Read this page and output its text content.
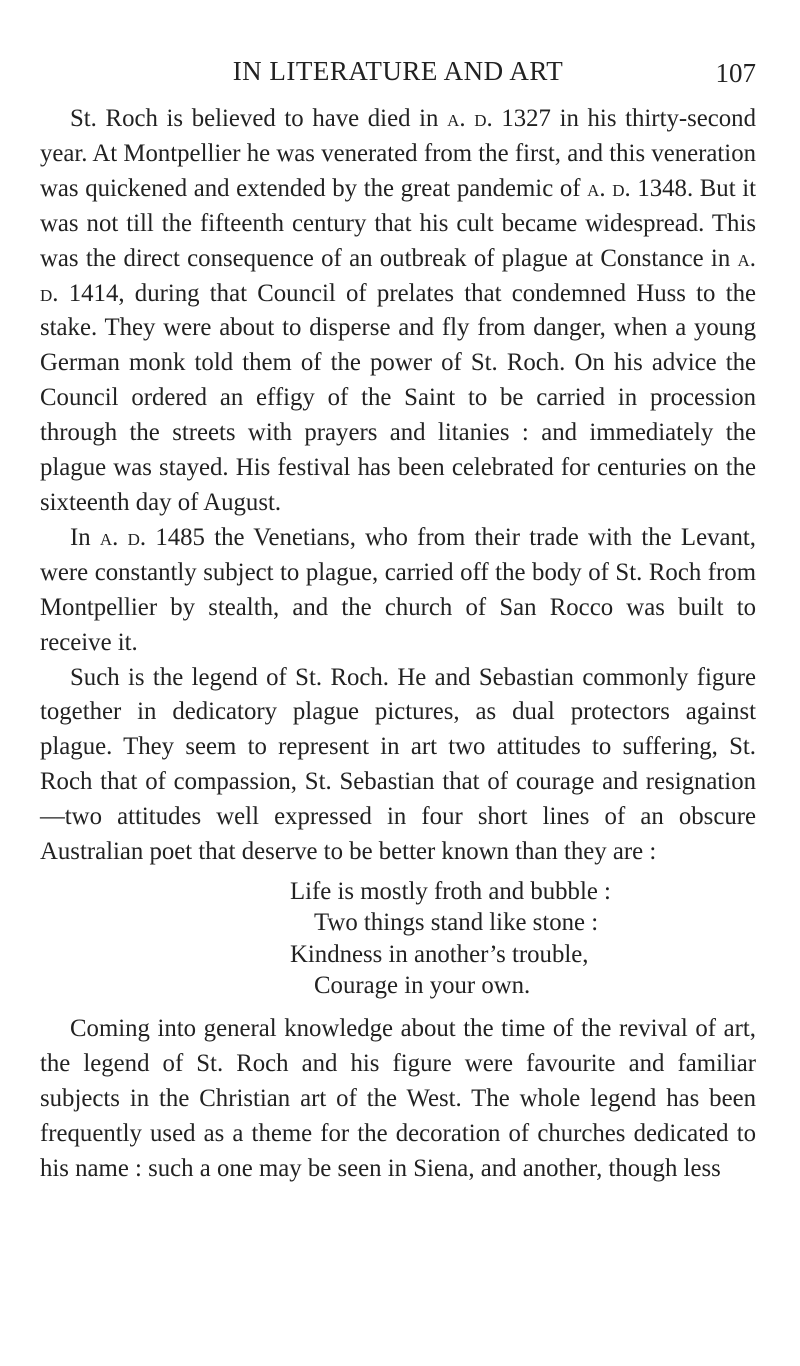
IN LITERATURE AND ART	107

St. Roch is believed to have died in a. d. 1327 in his thirty-second year. At Montpellier he was venerated from the first, and this veneration was quickened and extended by the great pandemic of a. d. 1348. But it was not till the fifteenth century that his cult became widespread. This was the direct consequence of an outbreak of plague at Constance in a. d. 1414, during that Council of prelates that condemned Huss to the stake. They were about to disperse and fly from danger, when a young German monk told them of the power of St. Roch. On his advice the Council ordered an effigy of the Saint to be carried in procession through the streets with prayers and litanies : and immediately the plague was stayed. His festival has been celebrated for centuries on the sixteenth day of August.

In a. d. 1485 the Venetians, who from their trade with the Levant, were constantly subject to plague, carried off the body of St. Roch from Montpellier by stealth, and the church of San Rocco was built to receive it.

Such is the legend of St. Roch. He and Sebastian commonly figure together in dedicatory plague pictures, as dual protectors against plague. They seem to represent in art two attitudes to suffering, St. Roch that of compassion, St. Sebastian that of courage and resignation—two attitudes well expressed in four short lines of an obscure Australian poet that deserve to be better known than they are :

Life is mostly froth and bubble :
Two things stand like stone :
Kindness in another’s trouble,
Courage in your own.

Coming into general knowledge about the time of the revival of art, the legend of St. Roch and his figure were favourite and familiar subjects in the Christian art of the West. The whole legend has been frequently used as a theme for the decoration of churches dedicated to his name : such a one may be seen in Siena, and another, though less
